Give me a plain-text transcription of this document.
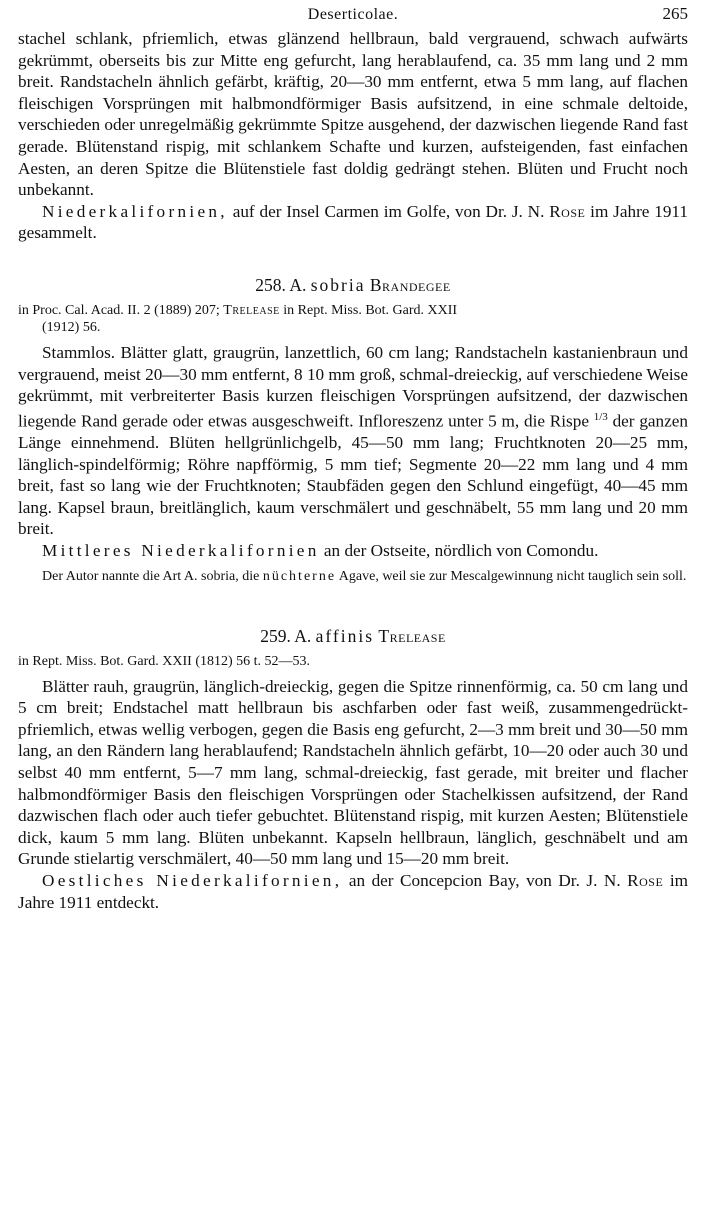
Deserticolae.	265

stachel schlank, pfriemlich, etwas glänzend hellbraun, bald vergrauend, schwach aufwärts gekrümmt, oberseits bis zur Mitte eng gefurcht, lang herablaufend, ca. 35 mm lang und 2 mm breit. Randstacheln ähnlich gefärbt, kräftig, 20—30 mm entfernt, etwa 5 mm lang, auf flachen fleischigen Vorsprüngen mit halbmondförmiger Basis aufsitzend, in eine schmale deltoide, verschieden oder unregelmäßig gekrümmte Spitze ausgehend, der dazwischen liegende Rand fast gerade. Blütenstand rispig, mit schlankem Schafte und kurzen, aufsteigenden, fast einfachen Aesten, an deren Spitze die Blütenstiele fast doldig gedrängt stehen. Blüten und Frucht noch unbekannt.

Niederkalifornien, auf der Insel Carmen im Golfe, von Dr. J. N. Rose im Jahre 1911 gesammelt.

258. A. sobria Brandegee
in Proc. Cal. Acad. II. 2 (1889) 207; Trelease in Rept. Miss. Bot. Gard. XXII
(1912) 56.

Stammlos. Blätter glatt, graugrün, lanzettlich, 60 cm lang; Randstacheln kastanienbraun und vergrauend, meist 20—30 mm entfernt, 8 10 mm groß, schmal-dreieckig, auf verschiedene Weise gekrümmt, mit verbreiterter Basis kurzen fleischigen Vorsprüngen aufsitzend, der dazwischen liegende Rand gerade oder etwas ausgeschweift. Infloreszenz unter 5 m, die Rispe $^{1/3}$ der ganzen Länge einnehmend. Blüten hellgrünlichgelb, 45—50 mm lang; Fruchtknoten 20—25 mm, länglich-spindelförmig; Röhre napfförmig, 5 mm tief; Segmente 20—22 mm lang und 4 mm breit, fast so lang wie der Fruchtknoten; Staubfäden gegen den Schlund eingefügt, 40—45 mm lang. Kapsel braun, breitlänglich, kaum verschmälert und geschnäbelt, 55 mm lang und 20 mm breit.

Mittleres Niederkalifornien an der Ostseite, nördlich von Comondu.

Der Autor nannte die Art A. sobria, die nüchterne Agave, weil sie zur Mescalgewinnung nicht tauglich sein soll.

259. A. affinis Trelease
in Rept. Miss. Bot. Gard. XXII (1812) 56 t. 52—53.

Blätter rauh, graugrün, länglich-dreieckig, gegen die Spitze rinnenförmig, ca. 50 cm lang und 5 cm breit; Endstachel matt hellbraun bis aschfarben oder fast weiß, zusammengedrückt-pfriemlich, etwas wellig verbogen, gegen die Basis eng gefurcht, 2—3 mm breit und 30—50 mm lang, an den Rändern lang herablaufend; Randstacheln ähnlich gefärbt, 10—20 oder auch 30 und selbst 40 mm entfernt, 5—7 mm lang, schmal-dreieckig, fast gerade, mit breiter und flacher halbmondförmiger Basis den fleischigen Vorsprüngen oder Stachelkissen aufsitzend, der Rand dazwischen flach oder auch tiefer gebuchtet. Blütenstand rispig, mit kurzen Aesten; Blütenstiele dick, kaum 5 mm lang. Blüten unbekannt. Kapseln hellbraun, länglich, geschnäbelt und am Grunde stielartig verschmälert, 40—50 mm lang und 15—20 mm breit.

Oestliches Niederkalifornien, an der Concepcion Bay, von Dr. J. N. Rose im Jahre 1911 entdeckt.
